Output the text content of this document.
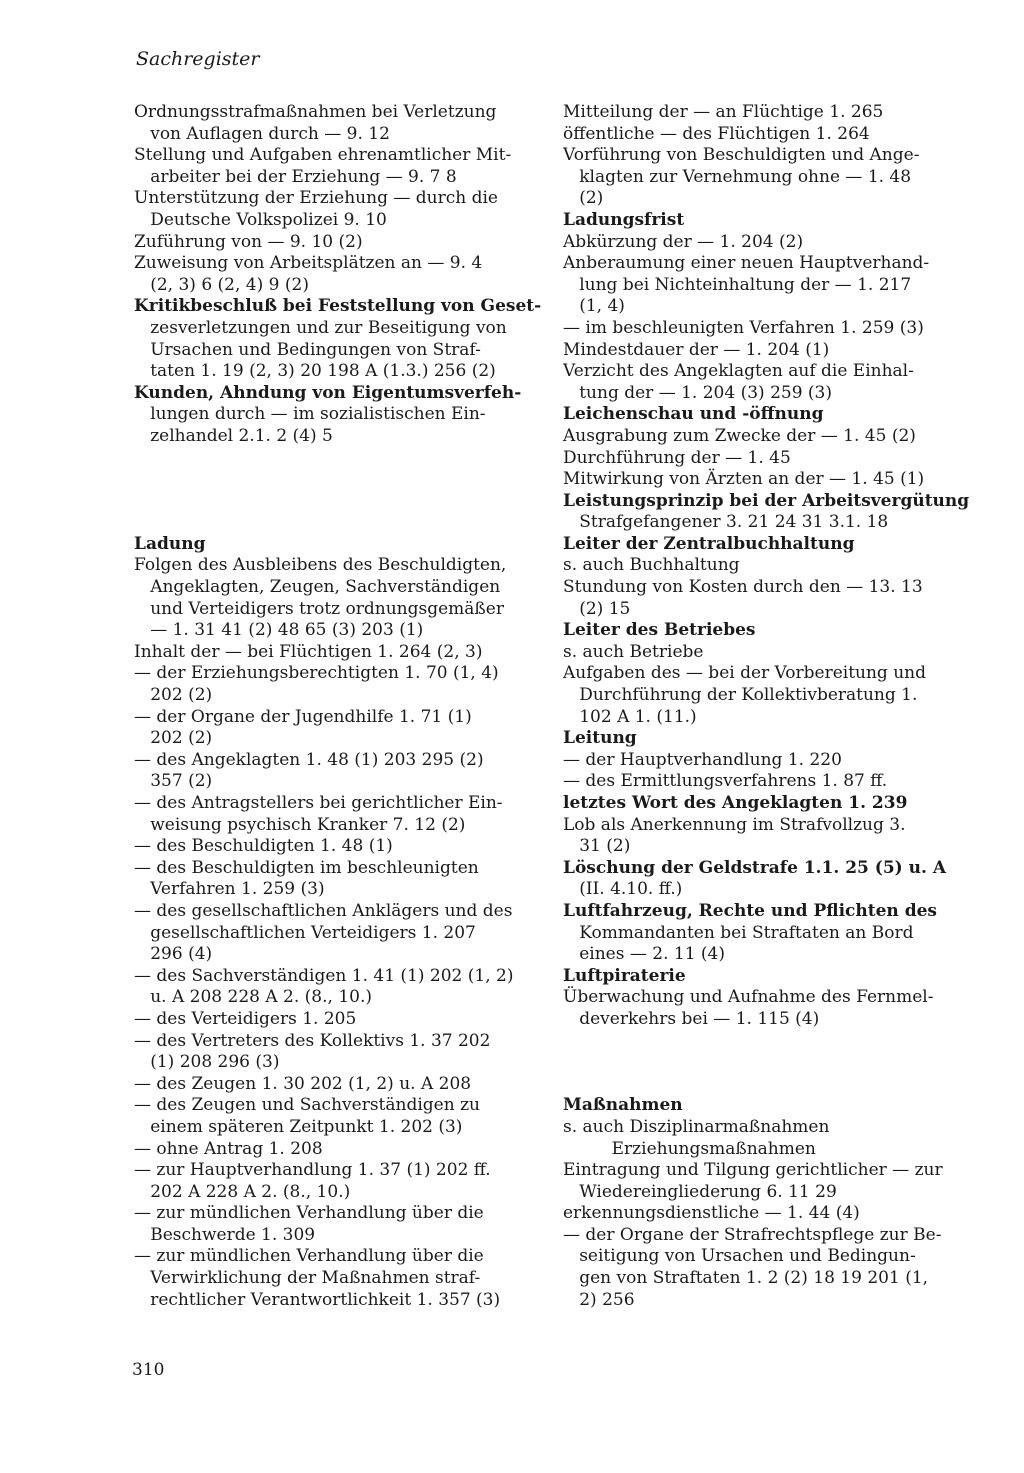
Sachregister
Ordnungsstrafmaßnahmen bei Verletzung
von Auflagen durch — 9. 12
Stellung und Aufgaben ehrenamtlicher Mit-
arbeiter bei der Erziehung — 9. 7 8
Unterstützung der Erziehung — durch die
Deutsche Volkspolizei 9. 10
Zuführung von — 9. 10 (2)
Zuweisung von Arbeitsplätzen an — 9. 4
(2, 3) 6 (2, 4) 9 (2)
Kritikbeschluß bei Feststellung von Geset-
zesverletzungen und zur Beseitigung von
Ursachen und Bedingungen von Straf-
taten 1. 19 (2, 3) 20 198 A (1.3.) 256 (2)
Kunden, Ahndung von Eigentumsverfeh-
lungen durch — im sozialistischen Ein-
zelhandel 2.1. 2 (4) 5
Ladung
Folgen des Ausbleibens des Beschuldigten,
Angeklagten, Zeugen, Sachverständigen
und Verteidigers trotz ordnungsgemäßer
— 1. 31 41 (2) 48 65 (3) 203 (1)
Inhalt der — bei Flüchtigen 1. 264 (2, 3)
— der Erziehungsberechtigten 1. 70 (1, 4)
202 (2)
— der Organe der Jugendhilfe 1. 71 (1)
202 (2)
— des Angeklagten 1. 48 (1) 203 295 (2)
357 (2)
— des Antragstellers bei gerichtlicher Ein-
weisung psychisch Kranker 7. 12 (2)
— des Beschuldigten 1. 48 (1)
— des Beschuldigten im beschleunigten
Verfahren 1. 259 (3)
— des gesellschaftlichen Anklägers und des
gesellschaftlichen Verteidigers 1. 207
296 (4)
— des Sachverständigen 1. 41 (1) 202 (1, 2)
u. A 208 228 A 2. (8., 10.)
— des Verteidigers 1. 205
— des Vertreters des Kollektivs 1. 37 202
(1) 208 296 (3)
— des Zeugen 1. 30 202 (1, 2) u. A 208
— des Zeugen und Sachverständigen zu
einem späteren Zeitpunkt 1. 202 (3)
— ohne Antrag 1. 208
— zur Hauptverhandlung 1. 37 (1) 202 ff.
202 A 228 A 2. (8., 10.)
— zur mündlichen Verhandlung über die
Beschwerde 1. 309
— zur mündlichen Verhandlung über die
Verwirklichung der Maßnahmen straf-
rechtlicher Verantwortlichkeit 1. 357 (3)
Mitteilung der — an Flüchtige 1. 265
öffentliche — des Flüchtigen 1. 264
Vorführung von Beschuldigten und Ange-
klagten zur Vernehmung ohne — 1. 48
(2)
Ladungsfrist
Abkürzung der — 1. 204 (2)
Anberaumung einer neuen Hauptverhand-
lung bei Nichteinhaltung der — 1. 217
(1, 4)
— im beschleunigten Verfahren 1. 259 (3)
Mindestdauer der — 1. 204 (1)
Verzicht des Angeklagten auf die Einhal-
tung der — 1. 204 (3) 259 (3)
Leichenschau und -öffnung
Ausgrabung zum Zwecke der — 1. 45 (2)
Durchführung der — 1. 45
Mitwirkung von Ärzten an der — 1. 45 (1)
Leistungsprinzip bei der Arbeitsvergütung
Strafgefangener 3. 21 24 31 3.1. 18
Leiter der Zentralbuchhaltung
s. auch Buchhaltung
Stundung von Kosten durch den — 13. 13
(2) 15
Leiter des Betriebes
s. auch Betriebe
Aufgaben des — bei der Vorbereitung und
Durchführung der Kollektivberatung 1.
102 A 1. (11.)
Leitung
— der Hauptverhandlung 1. 220
— des Ermittlungsverfahrens 1. 87 ff.
letztes Wort des Angeklagten 1. 239
Lob als Anerkennung im Strafvollzug 3.
31 (2)
Löschung der Geldstrafe 1.1. 25 (5) u. A
(II. 4.10. ff.)
Luftfahrzeug, Rechte und Pflichten des
Kommandanten bei Straftaten an Bord
eines — 2. 11 (4)
Luftpiraterie
Überwachung und Aufnahme des Fernmel-
deverkehrs bei — 1. 115 (4)
Maßnahmen
s. auch Disziplinarmaßnahmen
Erziehungsmaßnahmen
Eintragung und Tilgung gerichtlicher — zur
Wiedereingliederung 6. 11 29
erkennungsdienstliche — 1. 44 (4)
— der Organe der Strafrechtspflege zur Be-
seitigung von Ursachen und Bedingun-
gen von Straftaten 1. 2 (2) 18 19 201 (1,
2) 256
310
